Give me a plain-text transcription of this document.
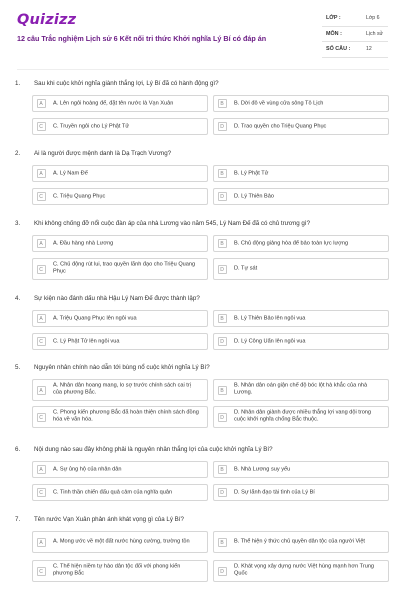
Quizizz
12 câu Trắc nghiệm Lịch sử 6 Kết nối tri thức Khởi nghĩa Lý Bí có đáp án
LỚP :	Lớp 6
MÔN :	Lịch sử
SỐ CÂU :	12
1. Sau khi cuộc khởi nghĩa giành thắng lợi, Lý Bí đã có hành động gì?
A	A. Lên ngôi hoàng đế, đặt tên nước là Vạn Xuân	B	B. Dời đô về vùng cửa sông Tô Lịch
C	C. Truyền ngôi cho Lý Phật Tử	D	D. Trao quyền cho Triệu Quang Phục
2. Ai là người được mệnh danh là Dạ Trạch Vương?
A	A. Lý Nam Đế	B	B. Lý Phật Tử
C	C. Triệu Quang Phục	D	D. Lý Thiên Bảo
3. Khi không chống đỡ nổi cuộc đàn áp của nhà Lương vào năm 545, Lý Nam Đế đã có chủ trương gì?
A	A. Đầu hàng nhà Lương	B	B. Chủ động giảng hòa để bảo toàn lực lượng
C
C. Chủ động rút lui, trao quyền lãnh đạo cho Triệu Quang Phục	D	D. Tự sát
4. Sự kiện nào đánh dấu nhà Hậu Lý Nam Đế được thành lập?
A	A. Triệu Quang Phục lên ngôi vua	B	B. Lý Thiên Bảo lên ngôi vua
C	C. Lý Phật Tử lên ngôi vua	D	D. Lý Công Uẩn lên ngôi vua
5. Nguyên nhân chính nào dẫn tới bùng nổ cuộc khởi nghĩa Lý Bí?
A
A. Nhân dân hoang mang, lo sợ trước chính sách cai trị của phương Bắc.	B
B. Nhân dân oán giận chế độ bóc lột hà khắc của nhà Lương.
C
C. Phong kiến phương Bắc đã hoàn thiện chính sách đồng hóa về văn hóa.	D
D. Nhân dân giành được nhiều thắng lợi vang dội trong cuộc khởi nghĩa chống Bắc thuộc.
6. Nội dung nào sau đây không phải là nguyên nhân thắng lợi của cuộc khởi nghĩa Lý Bí?
A	A. Sự ủng hộ của nhân dân	B	B. Nhà Lương suy yếu
C	C. Tinh thần chiến đấu quả cảm của nghĩa quân	D	D. Sự lãnh đạo tài tình của Lý Bí
7. Tên nước Vạn Xuân phản ánh khát vọng gì của Lý Bí?
A	A. Mong ước về một đất nước hùng cường, trường tồn	B	B. Thể hiện ý thức chủ quyền dân tộc của người Việt
C
C. Thể hiện niềm tự hào dân tộc đối với phong kiến phương Bắc	D
D. Khát vọng xây dựng nước Việt hùng mạnh hơn Trung Quốc
